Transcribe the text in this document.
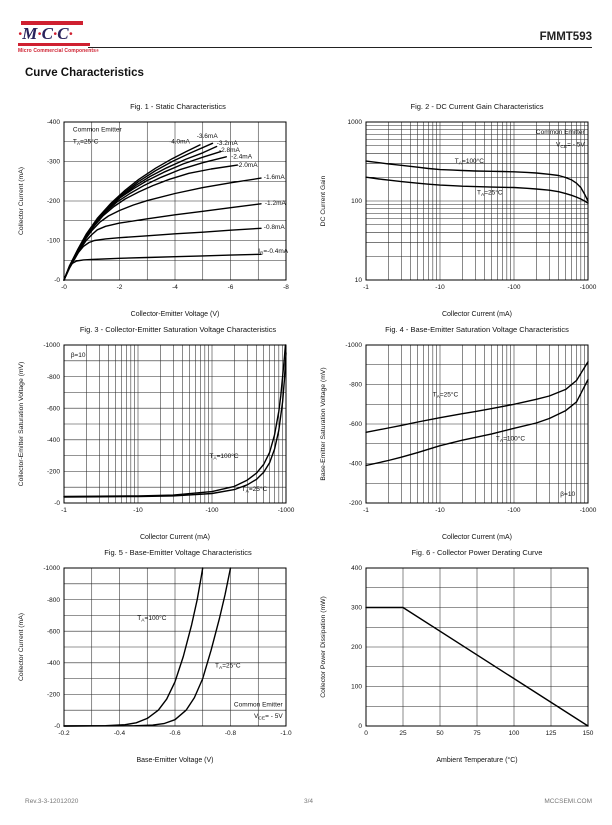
·M·C·C·
Micro Commercial Components®
FMMT593
Curve Characteristics
Fig. 1 - Static Characteristics
-0	-2	-4	-6	-8
-0
-100
-200
-300
-400
Collector-Emitter Voltage (V)
Collector Current (mA)
Common Emitter
$T_A=25^\circ C$	-4.0mA
-3.6mA
-3.2mA
-2.8mA
-2.4mA
-2.0mA
-1.6mA
-1.2mA
-0.8mA
$I_B=-0.4mA$
Fig. 2 - DC Current Gain Characteristics
-1	-10	-100	-1000
10
100
1000
Collector Current (mA)
DC Current Gain
Common Emitter
$V_{CE}= - 5V$
$T_A=100^\circ C$
$T_A=25^\circ C$
Fig. 3 - Collector-Emitter Saturation Voltage Characteristics
-1	-10	-100	-1000
-0
-200
-400
-600
-800
-1000
Collector Current (mA)
Collector-Emitter Saturation Voltage (mV)
β=10
$T_A=100^\circ C$
$T_A=25^\circ C$
Fig. 4 - Base-Emitter Saturation Voltage Characteristics
-1	-10	-100	-1000
-200
-400
-600
-800
-1000
Collector Current (mA)
Base-Emitter Saturation Voltage (mV)	$T_A=25^\circ C$
$T_A=100^\circ C$
β=10
Fig. 5 - Base-Emitter Voltage Characteristics
-0.2	-0.4	-0.6	-0.8	-1.0
-0
-200
-400
-600
-800
-1000
Base-Emitter Voltage (V)
Collector Current (mA)	$T_A=100^\circ C$
$T_A=25^\circ C$
Common Emitter
$V_{CE}= - 5V$
Fig. 6 - Collector Power Derating Curve
0	25	50	75	100	125	150
0
100
200
300
400
Ambient Temperature (°C)
Collector Power Dissipation (mW)
Rev.3-3-12012020	3/4	MCCSEMI.COM
